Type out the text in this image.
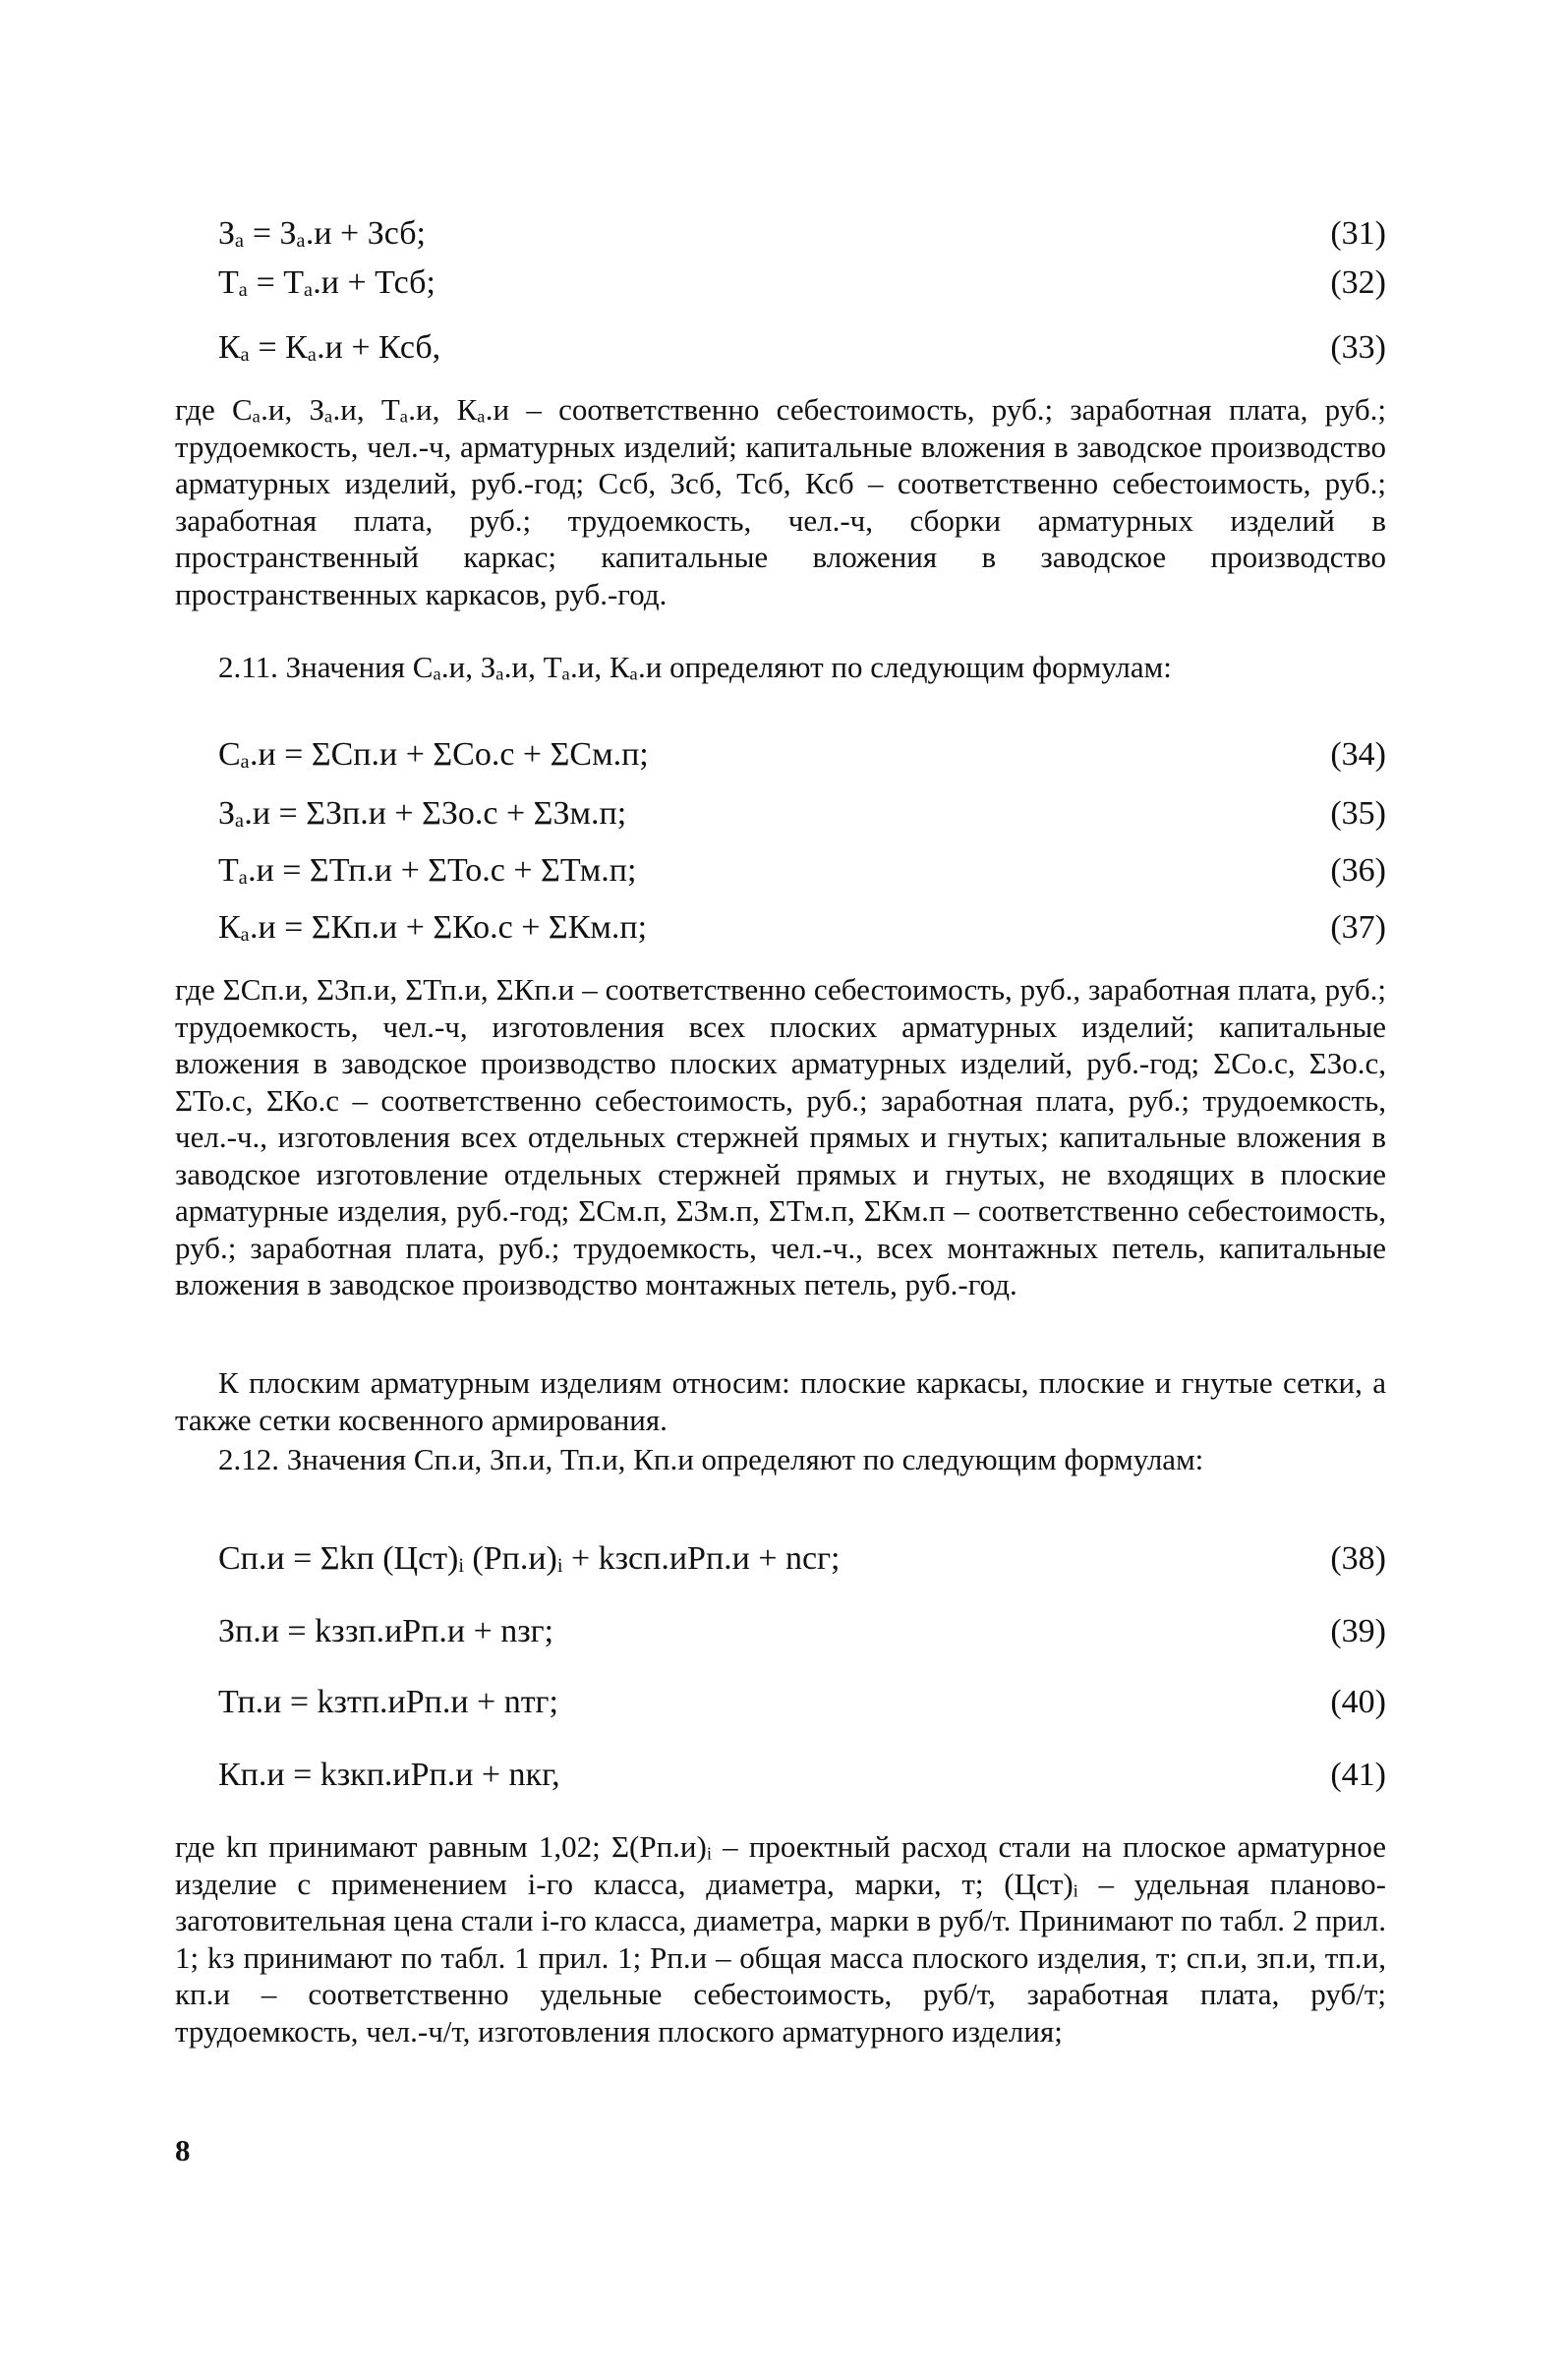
Зₐ = Зₐ.и + Зсб;	(31)
Тₐ = Тₐ.и + Тсб;	(32)
Кₐ = Кₐ.и + Ксб,	(33)

где Сₐ.и, Зₐ.и, Тₐ.и, Кₐ.и – соответственно себестоимость, руб.; заработная плата, руб.; трудоемкость, чел.-ч, арматурных изделий; капитальные вложения в заводское производство арматурных изделий, руб.-год; Ссб, Зсб, Тсб, Ксб – соответственно себестоимость, руб.; заработная плата, руб.; трудоемкость, чел.-ч, сборки арматурных изделий в пространственный каркас; капитальные вложения в заводское производство пространственных каркасов, руб.-год.

2.11. Значения Сₐ.и, Зₐ.и, Тₐ.и, Кₐ.и определяют по следующим формулам:

Сₐ.и = ΣСп.и + ΣСо.с + ΣСм.п;	(34)
Зₐ.и = ΣЗп.и + ΣЗо.с + ΣЗм.п;	(35)
Тₐ.и = ΣТп.и + ΣТо.с + ΣТм.п;	(36)
Кₐ.и = ΣКп.и + ΣКо.с + ΣКм.п;	(37)

где ΣСп.и, ΣЗп.и, ΣТп.и, ΣКп.и – соответственно себестоимость, руб., заработная плата, руб.; трудоемкость, чел.-ч, изготовления всех плоских арматурных изделий; капитальные вложения в заводское производство плоских арматурных изделий, руб.-год; ΣСо.с, ΣЗо.с, ΣТо.с, ΣКо.с – соответственно себестоимость, руб.; заработная плата, руб.; трудоемкость, чел.-ч., изготовления всех отдельных стержней прямых и гнутых; капитальные вложения в заводское изготовление отдельных стержней прямых и гнутых, не входящих в плоские арматурные изделия, руб.-год; ΣСм.п, ΣЗм.п, ΣТм.п, ΣКм.п – соответственно себестоимость, руб.; заработная плата, руб.; трудоемкость, чел.-ч., всех монтажных петель, капитальные вложения в заводское производство монтажных петель, руб.-год.

К плоским арматурным изделиям относим: плоские каркасы, плоские и гнутые сетки, а также сетки косвенного армирования.

2.12. Значения Сп.и, Зп.и, Тп.и, Кп.и определяют по следующим формулам:

Сп.и = Σkп (Цст)ᵢ (Рп.и)ᵢ + kзсп.иРп.и + ncг;	(38)
Зп.и = kззп.иРп.и + nзг;	(39)
Тп.и = kзтп.иРп.и + nтг;	(40)
Кп.и = kзкп.иРп.и + nкг,	(41)

где kп принимают равным 1,02; Σ(Рп.и)ᵢ – проектный расход стали на плоское арматурное изделие с применением i-го класса, диаметра, марки, т; (Цст)ᵢ – удельная планово-заготовительная цена стали i-го класса, диаметра, марки в руб/т. Принимают по табл. 2 прил. 1; kз принимают по табл. 1 прил. 1; Рп.и – общая масса плоского изделия, т; сп.и, зп.и, тп.и, кп.и – соответственно удельные себестоимость, руб/т, заработная плата, руб/т; трудоемкость, чел.-ч/т, изготовления плоского арматурного изделия;

8
